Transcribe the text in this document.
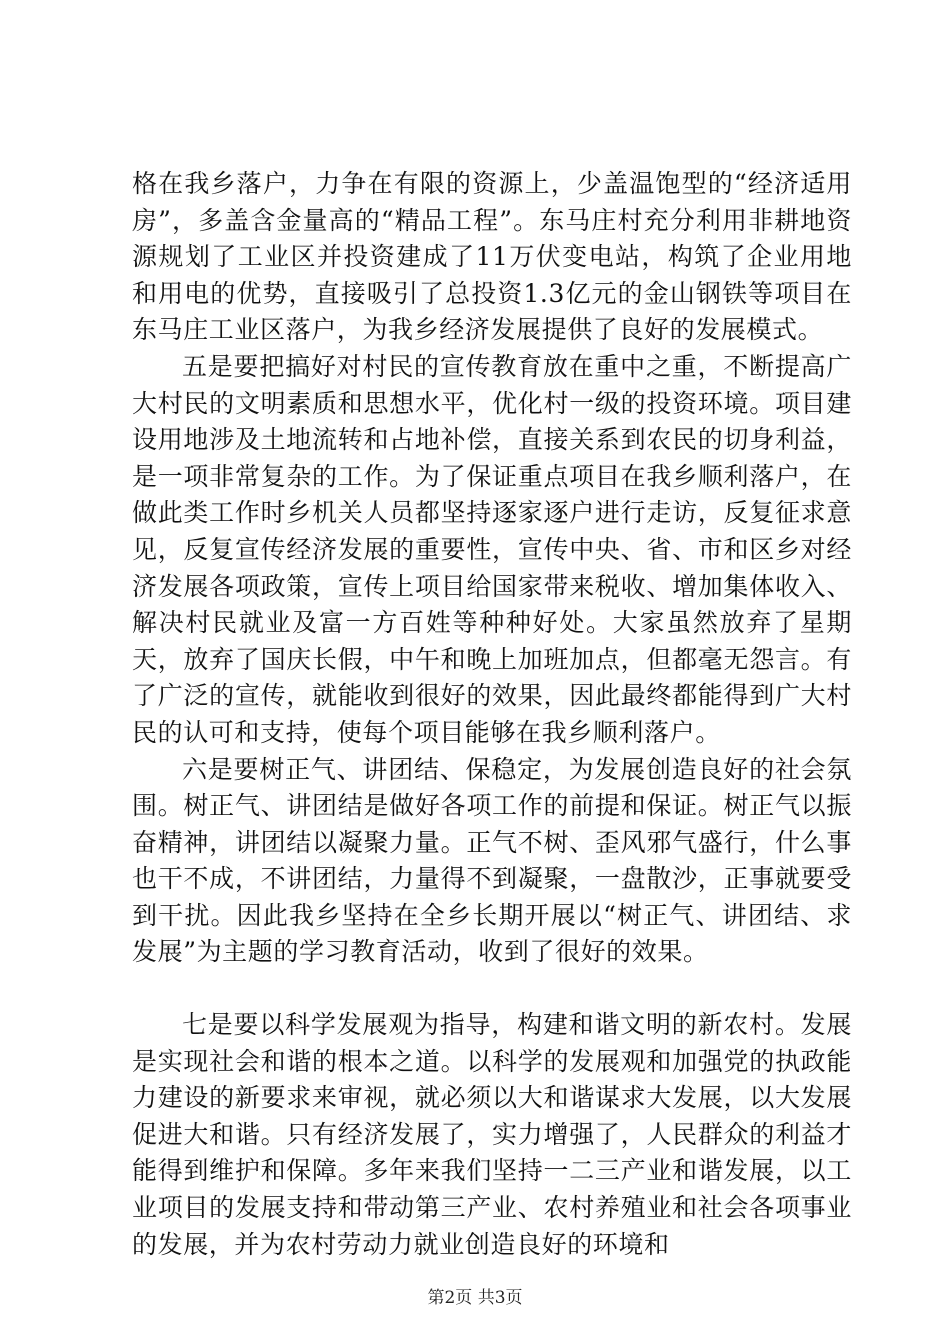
格在我乡落户，力争在有限的资源上，少盖温饱型的“经济适用房”，多盖含金量高的“精品工程”。东马庄村充分利用非耕地资源规划了工业区并投资建成了11万伏变电站，构筑了企业用地和用电的优势，直接吸引了总投资1.3亿元的金山钢铁等项目在东马庄工业区落户，为我乡经济发展提供了良好的发展模式。

五是要把搞好对村民的宣传教育放在重中之重，不断提高广大村民的文明素质和思想水平，优化村一级的投资环境。项目建设用地涉及土地流转和占地补偿，直接关系到农民的切身利益，是一项非常复杂的工作。为了保证重点项目在我乡顺利落户，在做此类工作时乡机关人员都坚持逐家逐户进行走访，反复征求意见，反复宣传经济发展的重要性，宣传中央、省、市和区乡对经济发展各项政策，宣传上项目给国家带来税收、增加集体收入、解决村民就业及富一方百姓等种种好处。大家虽然放弃了星期天，放弃了国庆长假，中午和晚上加班加点，但都毫无怨言。有了广泛的宣传，就能收到很好的效果，因此最终都能得到广大村民的认可和支持，使每个项目能够在我乡顺利落户。

六是要树正气、讲团结、保稳定，为发展创造良好的社会氛围。树正气、讲团结是做好各项工作的前提和保证。树正气以振奋精神，讲团结以凝聚力量。正气不树、歪风邪气盛行，什么事也干不成，不讲团结，力量得不到凝聚，一盘散沙，正事就要受到干扰。因此我乡坚持在全乡长期开展以“树正气、讲团结、求发展”为主题的学习教育活动，收到了很好的效果。

七是要以科学发展观为指导，构建和谐文明的新农村。发展是实现社会和谐的根本之道。以科学的发展观和加强党的执政能力建设的新要求来审视，就必须以大和谐谋求大发展，以大发展促进大和谐。只有经济发展了，实力增强了，人民群众的利益才能得到维护和保障。多年来我们坚持一二三产业和谐发展，以工业项目的发展支持和带动第三产业、农村养殖业和社会各项事业的发展，并为农村劳动力就业创造良好的环境和

第2页 共3页
